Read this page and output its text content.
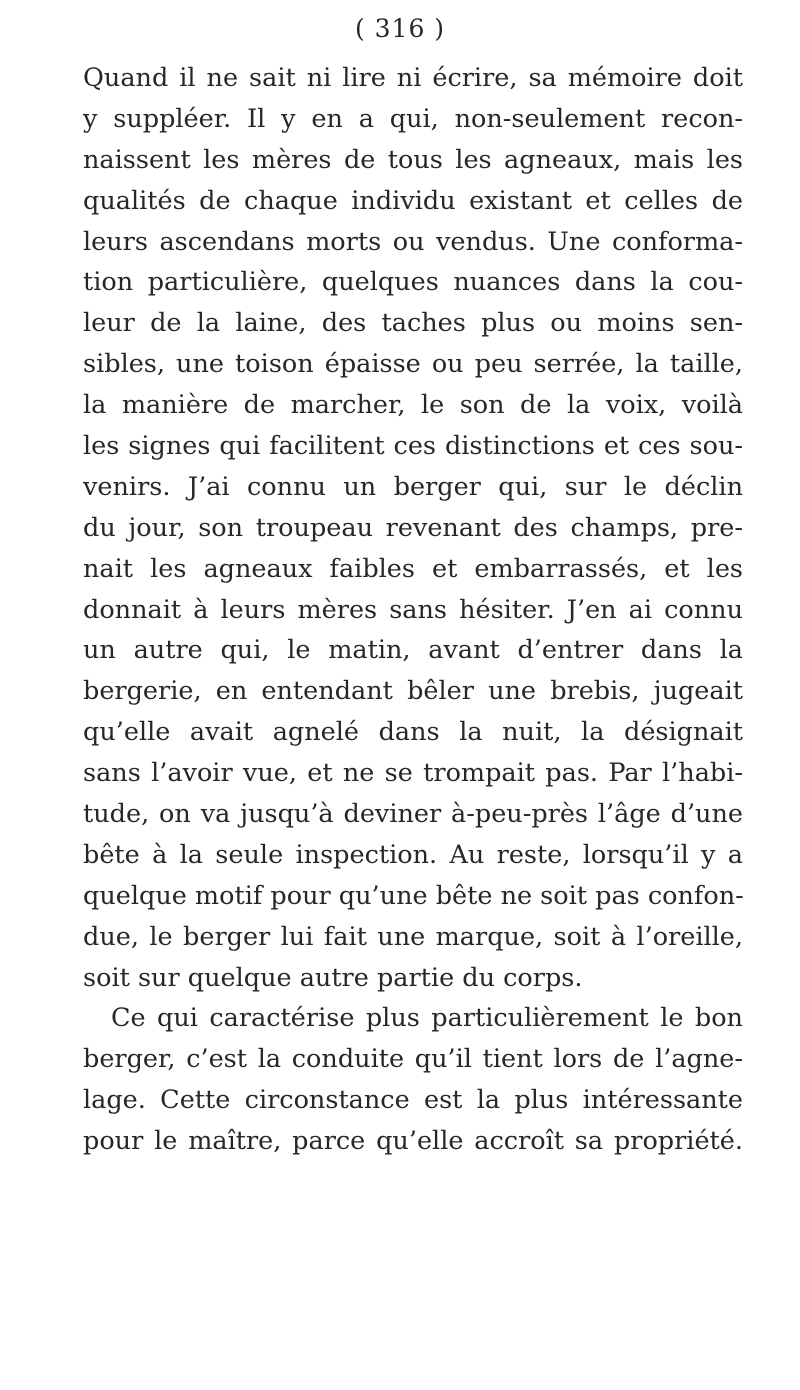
( 316 )
Quand il ne sait ni lire ni écrire, sa mémoire doit
y suppléer. Il y en a qui, non-seulement recon-
naissent les mères de tous les agneaux, mais les
qualités de chaque individu existant et celles de
leurs ascendans morts ou vendus. Une conforma-
tion particulière, quelques nuances dans la cou-
leur de la laine, des taches plus ou moins sen-
sibles, une toison épaisse ou peu serrée, la taille,
la manière de marcher, le son de la voix, voilà
les signes qui facilitent ces distinctions et ces sou-
venirs. J’ai connu un berger qui, sur le déclin
du jour, son troupeau revenant des champs, pre-
nait les agneaux faibles et embarrassés, et les
donnait à leurs mères sans hésiter. J’en ai connu
un autre qui, le matin, avant d’entrer dans la
bergerie, en entendant bêler une brebis, jugeait
qu’elle avait agnelé dans la nuit, la désignait
sans l’avoir vue, et ne se trompait pas. Par l’habi-
tude, on va jusqu’à deviner à-peu-près l’âge d’une
bête à la seule inspection. Au reste, lorsqu’il y a
quelque motif pour qu’une bête ne soit pas confon-
due, le berger lui fait une marque, soit à l’oreille,
soit sur quelque autre partie du corps.
Ce qui caractérise plus particulièrement le bon
berger, c’est la conduite qu’il tient lors de l’agne-
lage. Cette circonstance est la plus intéressante
pour le maître, parce qu’elle accroît sa propriété.
